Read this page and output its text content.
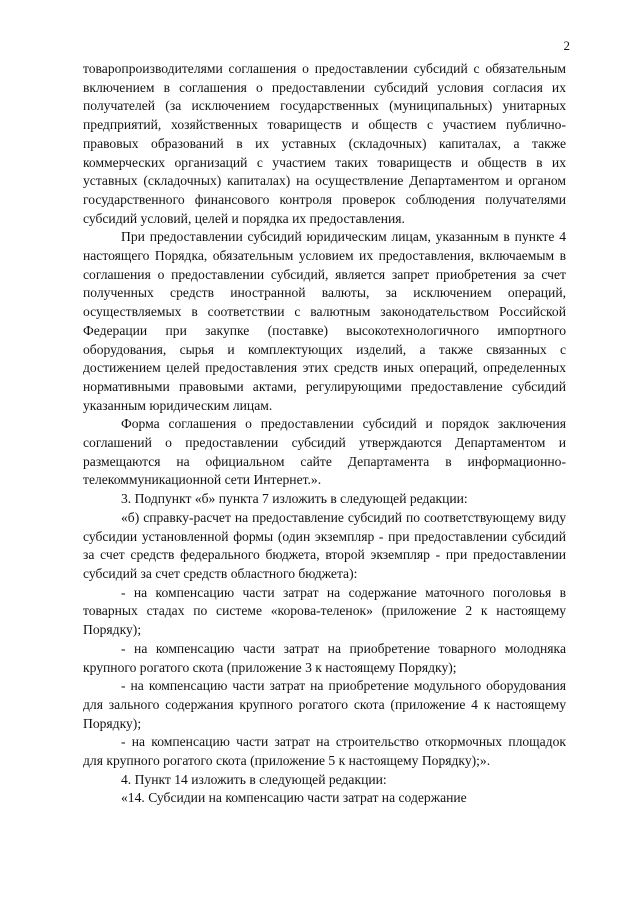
2

товаропроизводителями соглашения о предоставлении субсидий с обязательным включением в соглашения о предоставлении субсидий условия согласия их получателей (за исключением государственных (муниципальных) унитарных предприятий, хозяйственных товариществ и обществ с участием публично-правовых образований в их уставных (складочных) капиталах, а также коммерческих организаций с участием таких товариществ и обществ в их уставных (складочных) капиталах) на осуществление Департаментом и органом государственного финансового контроля проверок соблюдения получателями субсидий условий, целей и порядка их предоставления.

При предоставлении субсидий юридическим лицам, указанным в пункте 4 настоящего Порядка, обязательным условием их предоставления, включаемым в соглашения о предоставлении субсидий, является запрет приобретения за счет полученных средств иностранной валюты, за исключением операций, осуществляемых в соответствии с валютным законодательством Российской Федерации при закупке (поставке) высокотехнологичного импортного оборудования, сырья и комплектующих изделий, а также связанных с достижением целей предоставления этих средств иных операций, определенных нормативными правовыми актами, регулирующими предоставление субсидий указанным юридическим лицам.

Форма соглашения о предоставлении субсидий и порядок заключения соглашений о предоставлении субсидий утверждаются Департаментом и размещаются на официальном сайте Департамента в информационно-телекоммуникационной сети Интернет.».

3. Подпункт «б» пункта 7 изложить в следующей редакции:

«б) справку-расчет на предоставление субсидий по соответствующему виду субсидии установленной формы (один экземпляр - при предоставлении субсидий за счет средств федерального бюджета, второй экземпляр - при предоставлении субсидий за счет средств областного бюджета):

- на компенсацию части затрат на содержание маточного поголовья в товарных стадах по системе «корова-теленок» (приложение 2 к настоящему Порядку);

- на компенсацию части затрат на приобретение товарного молодняка крупного рогатого скота (приложение 3 к настоящему Порядку);

- на компенсацию части затрат на приобретение модульного оборудования для зального содержания крупного рогатого скота (приложение 4 к настоящему Порядку);

- на компенсацию части затрат на строительство откормочных площадок для крупного рогатого скота (приложение 5 к настоящему Порядку);».

4. Пункт 14 изложить в следующей редакции:

«14. Субсидии на компенсацию части затрат на содержание
